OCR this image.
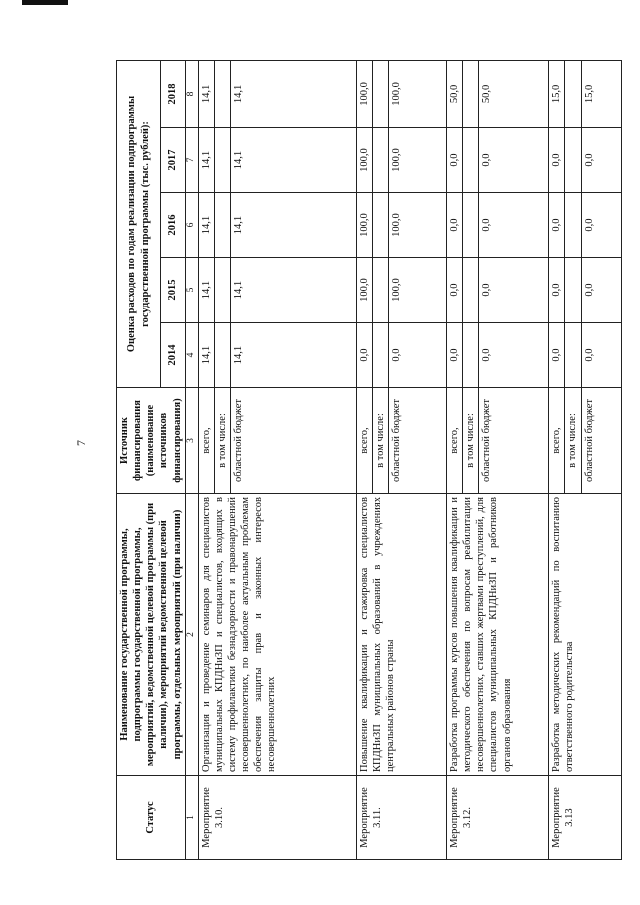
7
Статус	Наименование государственной программы, подпрограммы государственной программы, мероприятий, ведомственной целевой программы (при наличии), мероприятий ведомственной целевой программы, отдельных мероприятий (при наличии)	Источник финансирования (наименование источников финансирования)	Оценка расходов по годам реализации подпрограммы государственной программы (тыс. рублей):				
			2014	2015	2016	2017	2018
1	2	3	4	5	6	7	8
Мероприятие 3.10.	Организация и проведение семинаров для специалистов муниципальных КПДНиЗП и специалистов, входящих в систему профилактики безнадзорности и правонарушений несовершеннолетних, по наиболее актуальным проблемам обеспечения защиты прав и законных интересов несовершеннолетних	всего,	14,1	14,1	14,1	14,1	14,1
		в том числе:					
		областной бюджет	14,1	14,1	14,1	14,1	14,1
Мероприятие 3.11.	Повышение квалификации и стажировка специалистов КПДНиЗП муниципальных образований в учреждениях центральных районов страны	всего,	0,0	100,0	100,0	100,0	100,0
		в том числе:					
		областной бюджет	0,0	100,0	100,0	100,0	100,0
Мероприятие 3.12.	Разработка программы курсов повышения квалификации и методического обеспечения по вопросам реабилитации несовершеннолетних, ставших жертвами преступлений, для специалистов муниципальных КПДНиЗП и работников органов образования	всего,	0,0	0,0	0,0	0,0	50,0
		в том числе:					
		областной бюджет	0,0	0,0	0,0	0,0	50,0
Мероприятие 3.13	Разработка методических рекомендаций по воспитанию ответственного родительства	всего,	0,0	0,0	0,0	0,0	15,0
		в том числе:					
		областной бюджет	0,0	0,0	0,0	0,0	15,0
